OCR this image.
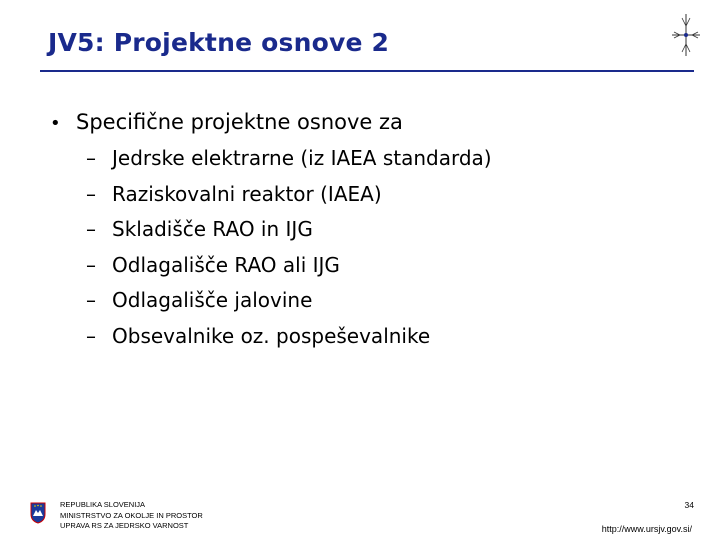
JV5: Projektne osnove 2
• Specifične projektne osnove za
– Jedrske elektrarne (iz IAEA standarda)
– Raziskovalni reaktor (IAEA)
– Skladišče RAO in IJG
– Odlagališče RAO ali IJG
– Odlagališče jalovine
– Obsevalnike oz. pospeševalnike
REPUBLIKA SLOVENIJA
MINISTRSTVO ZA OKOLJE IN PROSTOR
UPRAVA RS ZA JEDRSKO VARNOST
34
http://www.ursjv.gov.si/
